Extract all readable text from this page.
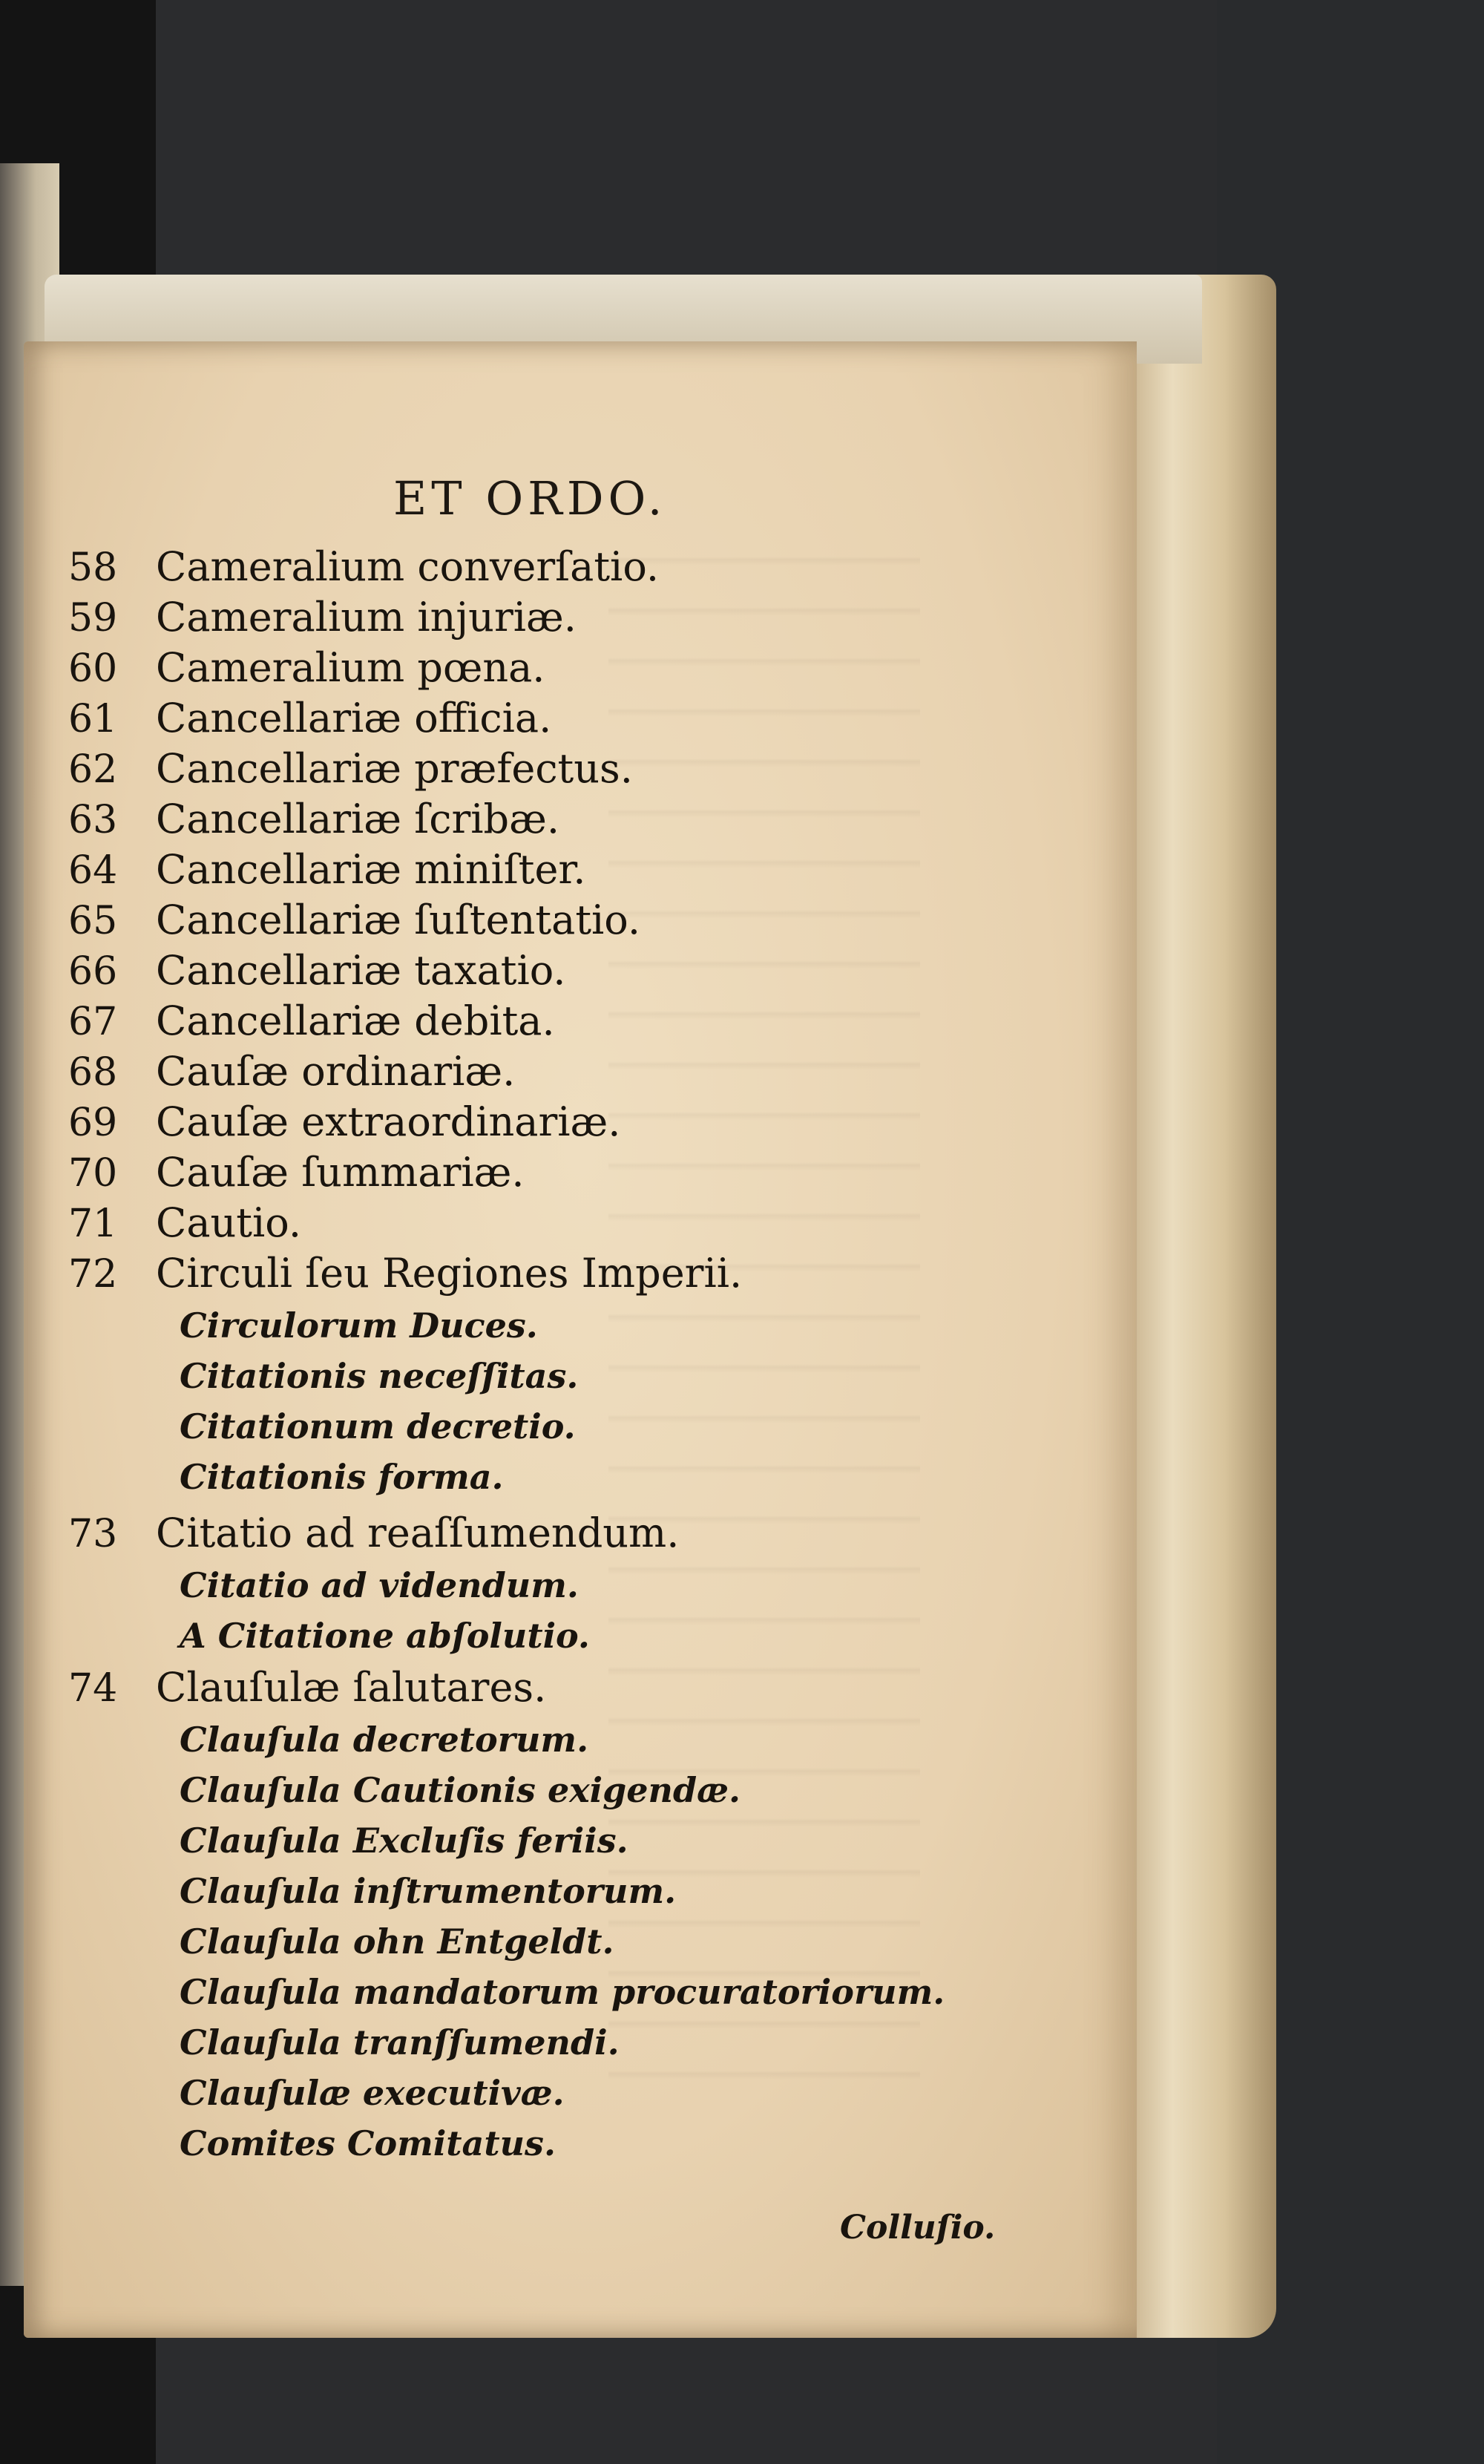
ET ORDO.
58 Cameralium converſatio.
59 Cameralium injuriæ.
60 Cameralium pœna.
61 Cancellariæ officia.
62 Cancellariæ præfectus.
63 Cancellariæ ſcribæ.
64 Cancellariæ miniſter.
65 Cancellariæ ſuſtentatio.
66 Cancellariæ taxatio.
67 Cancellariæ debita.
68 Cauſæ ordinariæ.
69 Cauſæ extraordinariæ.
70 Cauſæ ſummariæ.
71 Cautio.
72 Circuli ſeu Regiones Imperii.
Circulorum Duces.
Citationis neceſſitas.
Citationum decretio.
Citationis forma.
73 Citatio ad reaſſumendum.
Citatio ad videndum.
A Citatione abſolutio.
74 Clauſulæ ſalutares.
Clauſula decretorum.
Clauſula Cautionis exigendæ.
Clauſula Excluſis feriis.
Clauſula inſtrumentorum.
Clauſula ohn Entgeldt.
Clauſula mandatorum procuratoriorum.
Clauſula tranſſumendi.
Clauſulæ executivæ.
Comites Comitatus.
Colluſio.
